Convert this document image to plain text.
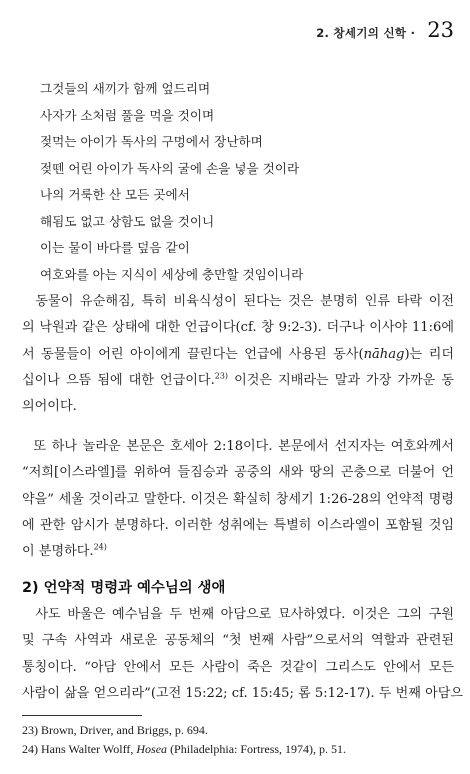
2. 창세기의 신학 · 23
그것들의 새끼가 함께 엎드리며
사자가 소처럼 풀을 먹을 것이며
젖먹는 아이가 독사의 구멍에서 장난하며
젖뗀 어린 아이가 독사의 굴에 손을 넣을 것이라
나의 거룩한 산 모든 곳에서
해됨도 없고 상함도 없을 것이니
이는 물이 바다를 덮음 같이
여호와를 아는 지식이 세상에 충만할 것임이니라
동물이 유순해짐, 특히 비육식성이 된다는 것은 분명히 인류 타락 이전
의 낙원과 같은 상태에 대한 언급이다(cf. 창 9:2-3). 더구나 이사야 11:6에
서 동물들이 어린 아이에게 끌린다는 언급에 사용된 동사(nāhag)는 리더
십이나 으뜸 됨에 대한 언급이다.$^{23)}$ 이것은 지배라는 말과 가장 가까운 동
의어이다.
또 하나 놀라운 본문은 호세아 2:18이다. 본문에서 선지자는 여호와께서
“저희[이스라엘]를 위하여 들짐승과 공중의 새와 땅의 곤충으로 더불어 언
약을” 세울 것이라고 말한다. 이것은 확실히 창세기 1:26-28의 언약적 명령
에 관한 암시가 분명하다. 이러한 성취에는 특별히 이스라엘이 포함될 것임
이 분명하다.$^{24)}$
2) 언약적 명령과 예수님의 생애
사도 바울은 예수님을 두 번째 아담으로 묘사하였다. 이것은 그의 구원
및 구속 사역과 새로운 공동체의 “첫 번째 사람”으로서의 역할과 관련된
통칭이다. “아담 안에서 모든 사람이 죽은 것같이 그리스도 안에서 모든
사람이 삶을 얻으리라”(고전 15:22; cf. 15:45; 롬 5:12-17). 두 번째 아담으
23) Brown, Driver, and Briggs, p. 694.
24) Hans Walter Wolff, Hosea (Philadelphia: Fortress, 1974), p. 51.
